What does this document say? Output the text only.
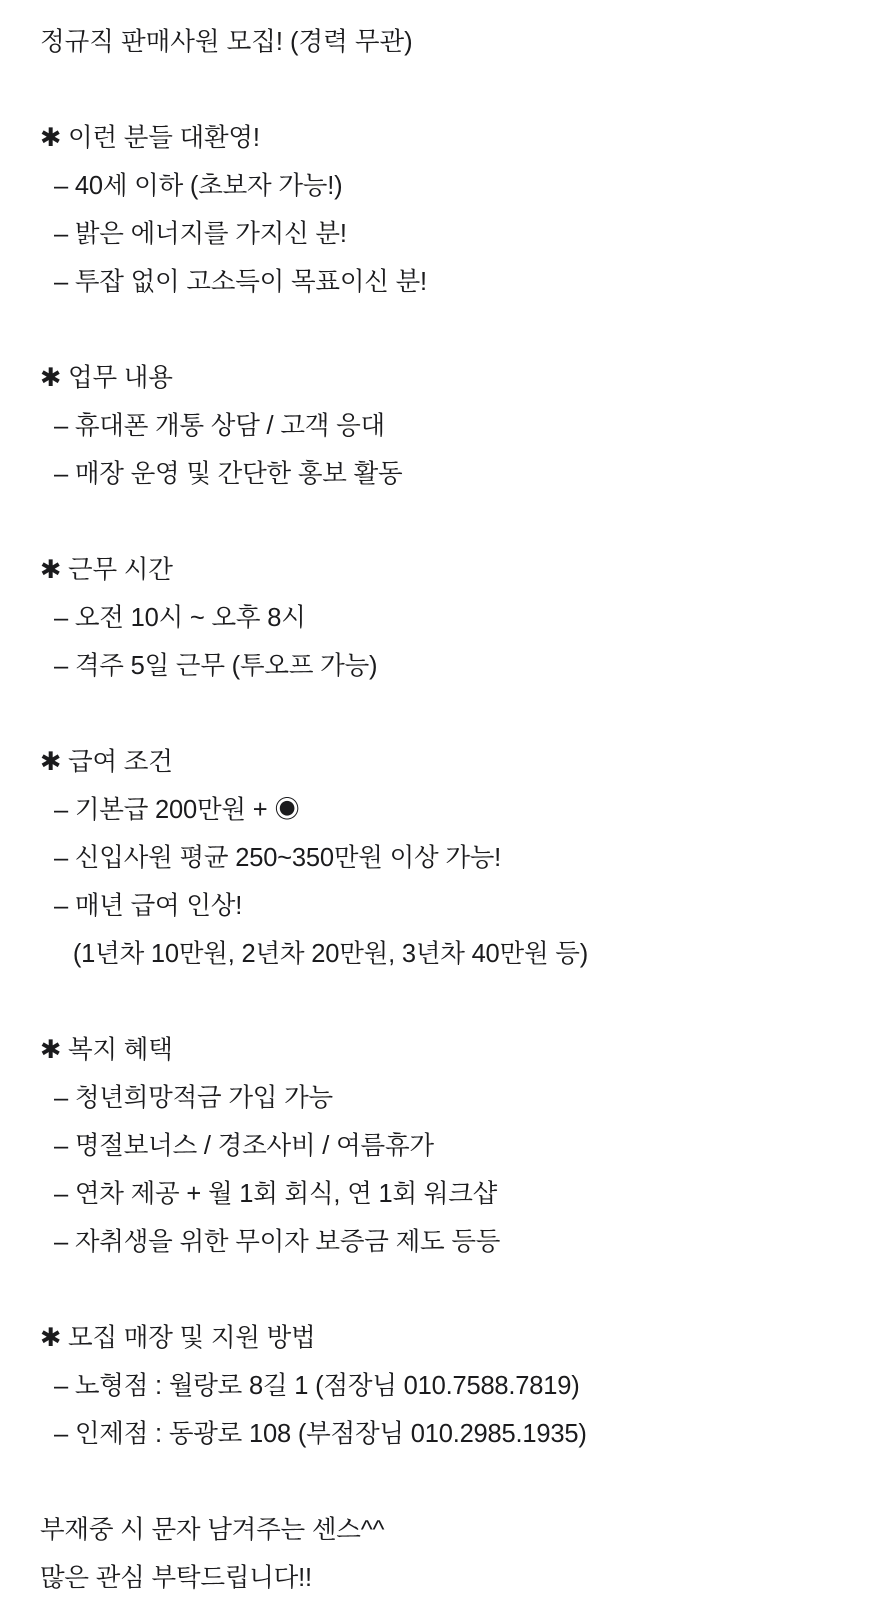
정규직 판매사원 모집! (경력 무관)
✱ 이런 분들 대환영!
– 40세 이하 (초보자 가능!)
– 밝은 에너지를 가지신 분!
– 투잡 없이 고소득이 목표이신 분!
✱ 업무 내용
– 휴대폰 개통 상담 / 고객 응대
– 매장 운영 및 간단한 홍보 활동
✱ 근무 시간
– 오전 10시 ~ 오후 8시
– 격주 5일 근무 (투오프 가능)
✱ 급여 조건
– 기본급 200만원 + ◉
– 신입사원 평균 250~350만원 이상 가능!
– 매년 급여 인상!
(1년차 10만원, 2년차 20만원, 3년차 40만원 등)
✱ 복지 혜택
– 청년희망적금 가입 가능
– 명절보너스 / 경조사비 / 여름휴가
– 연차 제공 + 월 1회 회식, 연 1회 워크샵
– 자취생을 위한 무이자 보증금 제도 등등
✱ 모집 매장 및 지원 방법
– 노형점 : 월랑로 8길 1 (점장님 010.7588.7819)
– 인제점 : 동광로 108 (부점장님 010.2985.1935)
부재중 시 문자 남겨주는 센스^^
많은 관심 부탁드립니다!!
